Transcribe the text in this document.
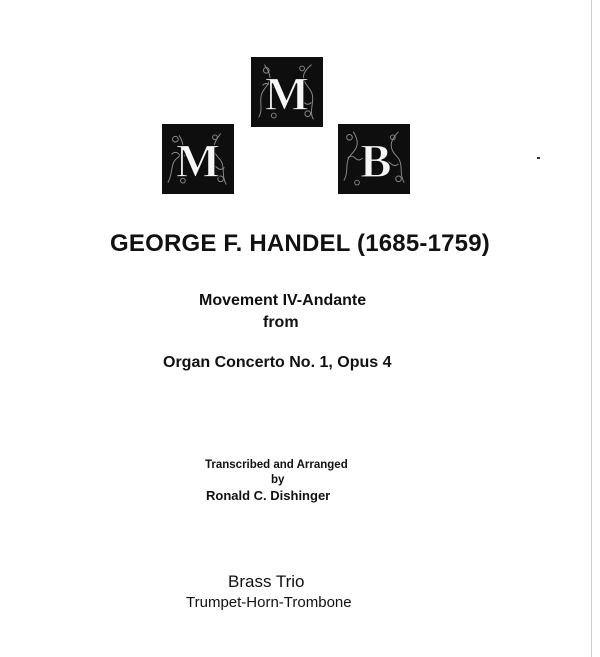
M
M
B
GEORGE F. HANDEL (1685-1759)
Movement IV-Andante
from
Organ Concerto No. 1, Opus 4
Transcribed and Arranged
by
Ronald C. Dishinger
Brass Trio
Trumpet-Horn-Trombone
